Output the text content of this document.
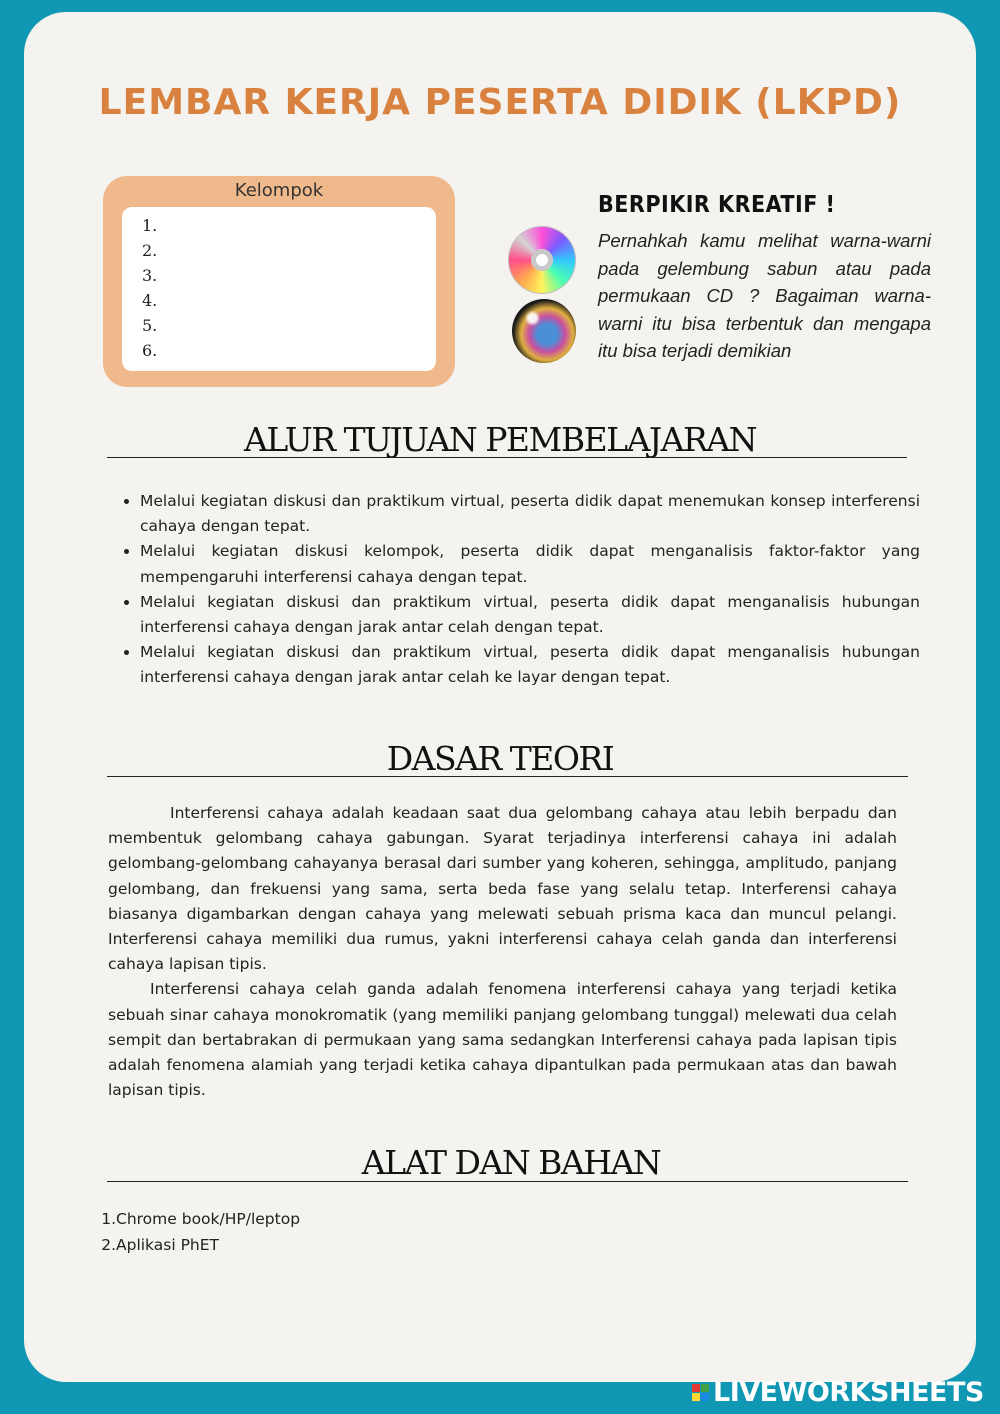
LEMBAR KERJA PESERTA DIDIK (LKPD)
Kelompok
1.
2.
3.
4.
5.
6.
BERPIKIR KREATIF !

Pernahkah kamu melihat warna-warni pada gelembung sabun atau pada permukaan CD ? Bagaiman warna-warni itu bisa terbentuk dan mengapa itu bisa terjadi demikian

ALUR TUJUAN PEMBELAJARAN
• Melalui kegiatan diskusi dan praktikum virtual, peserta didik dapat menemukan konsep interferensi cahaya dengan tepat.
• Melalui kegiatan diskusi kelompok, peserta didik dapat menganalisis faktor-faktor yang mempengaruhi interferensi cahaya dengan tepat.
• Melalui kegiatan diskusi dan praktikum virtual, peserta didik dapat menganalisis hubungan interferensi cahaya dengan jarak antar celah dengan tepat.
• Melalui kegiatan diskusi dan praktikum virtual, peserta didik dapat menganalisis hubungan interferensi cahaya dengan jarak antar celah ke layar dengan tepat.
DASAR TEORI

Interferensi cahaya adalah keadaan saat dua gelombang cahaya atau lebih berpadu dan membentuk gelombang cahaya gabungan. Syarat terjadinya interferensi cahaya ini adalah gelombang-gelombang cahayanya berasal dari sumber yang koheren, sehingga, amplitudo, panjang gelombang, dan frekuensi yang sama, serta beda fase yang selalu tetap. Interferensi cahaya biasanya digambarkan dengan cahaya yang melewati sebuah prisma kaca dan muncul pelangi. Interferensi cahaya memiliki dua rumus, yakni interferensi cahaya celah ganda dan interferensi cahaya lapisan tipis.

Interferensi cahaya celah ganda adalah fenomena interferensi cahaya yang terjadi ketika sebuah sinar cahaya monokromatik (yang memiliki panjang gelombang tunggal) melewati dua celah sempit dan bertabrakan di permukaan yang sama sedangkan Interferensi cahaya pada lapisan tipis adalah fenomena alamiah yang terjadi ketika cahaya dipantulkan pada permukaan atas dan bawah lapisan tipis.

ALAT DAN BAHAN
1.Chrome book/HP/leptop
2.Aplikasi PhET
LIVEWORKSHEETS
